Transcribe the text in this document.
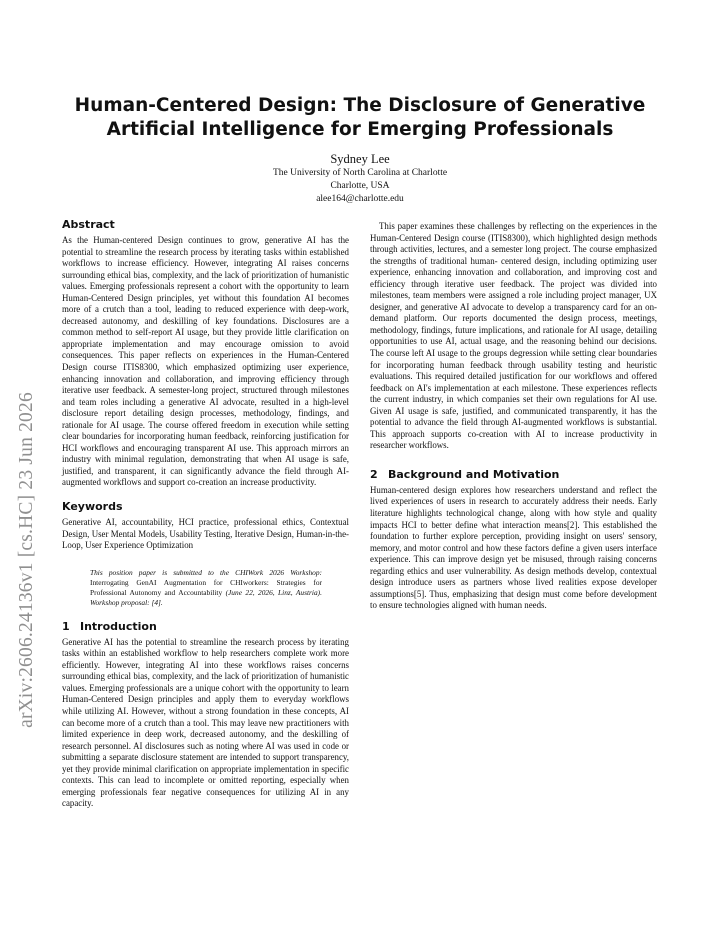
arXiv:2606.24136v1 [cs.HC] 23 Jun 2026
Human-Centered Design: The Disclosure of Generative Artificial Intelligence for Emerging Professionals
Sydney Lee
The University of North Carolina at Charlotte
Charlotte, USA
alee164@charlotte.edu
Abstract

As the Human-centered Design continues to grow, generative AI has the potential to streamline the research process by iterating tasks within established workflows to increase efficiency. However, integrating AI raises concerns surrounding ethical bias, complexity, and the lack of prioritization of humanistic values. Emerging professionals represent a cohort with the opportunity to learn Human-Centered Design principles, yet without this foundation AI becomes more of a crutch than a tool, leading to reduced experience with deep-work, decreased autonomy, and deskilling of key foundations. Disclosures are a common method to self-report AI usage, but they provide little clarification on appropriate implementation and may encourage omission to avoid consequences. This paper reflects on experiences in the Human-Centered Design course ITIS8300, which emphasized optimizing user experience, enhancing innovation and collaboration, and improving efficiency through iterative user feedback. A semester-long project, structured through milestones and team roles including a generative AI advocate, resulted in a high-level disclosure report detailing design processes, methodology, findings, and rationale for AI usage. The course offered freedom in execution while setting clear boundaries for incorporating human feedback, reinforcing justification for HCI workflows and encouraging transparent AI use. This approach mirrors an industry with minimal regulation, demonstrating that when AI usage is safe, justified, and transparent, it can significantly advance the field through AI-augmented workflows and support co-creation an increase productivity.

Keywords

Generative AI, accountability, HCI practice, professional ethics, Contextual Design, User Mental Models, Usability Testing, Iterative Design, Human-in-the-Loop, User Experience Optimization

This position paper is submitted to the CHIWork 2026 Workshop: Interrogating GenAI Augmentation for CHIworkers: Strategies for Professional Autonomy and Accountability (June 22, 2026, Linz, Austria). Workshop proposal: [4].
1 Introduction

Generative AI has the potential to streamline the research process by iterating tasks within an established workflow to help researchers complete work more efficiently. However, integrating AI into these workflows raises concerns surrounding ethical bias, complexity, and the lack of prioritization of humanistic values. Emerging professionals are a unique cohort with the opportunity to learn Human-Centered Design principles and apply them to everyday workflows while utilizing AI. However, without a strong foundation in these concepts, AI can become more of a crutch than a tool. This may leave new practitioners with limited experience in deep work, decreased autonomy, and the deskilling of research personnel. AI disclosures such as noting where AI was used in code or submitting a separate disclosure statement are intended to support transparency, yet they provide minimal clarification on appropriate implementation in specific contexts. This can lead to incomplete or omitted reporting, especially when emerging professionals fear negative consequences for utilizing AI in any capacity.

This paper examines these challenges by reflecting on the experiences in the Human-Centered Design course (ITIS8300), which highlighted design methods through activities, lectures, and a semester long project. The course emphasized the strengths of traditional human- centered design, including optimizing user experience, enhancing innovation and collaboration, and improving cost and efficiency through iterative user feedback. The project was divided into milestones, team members were assigned a role including project manager, UX designer, and generative AI advocate to develop a transparency card for an on-demand platform. Our reports documented the design process, meetings, methodology, findings, future implications, and rationale for AI usage, detailing opportunities to use AI, actual usage, and the reasoning behind our decisions. The course left AI usage to the groups degression while setting clear boundaries for incorporating human feedback through usability testing and heuristic evaluations. This required detailed justification for our workflows and offered feedback on AI's implementation at each milestone. These experiences reflects the current industry, in which companies set their own regulations for AI use. Given AI usage is safe, justified, and communicated transparently, it has the potential to advance the field through AI-augmented workflows is substantial. This approach supports co-creation with AI to increase productivity in researcher workflows.

2 Background and Motivation

Human-centered design explores how researchers understand and reflect the lived experiences of users in research to accurately address their needs. Early literature highlights technological change, along with how style and quality impacts HCI to better define what interaction means[2]. This established the foundation to further explore perception, providing insight on users' sensory, memory, and motor control and how these factors define a given users interface experience. This can improve design yet be misused, through raising concerns regarding ethics and user vulnerability. As design methods develop, contextual design introduce users as partners whose lived realities expose developer assumptions[5]. Thus, emphasizing that design must come before development to ensure technologies aligned with human needs.
